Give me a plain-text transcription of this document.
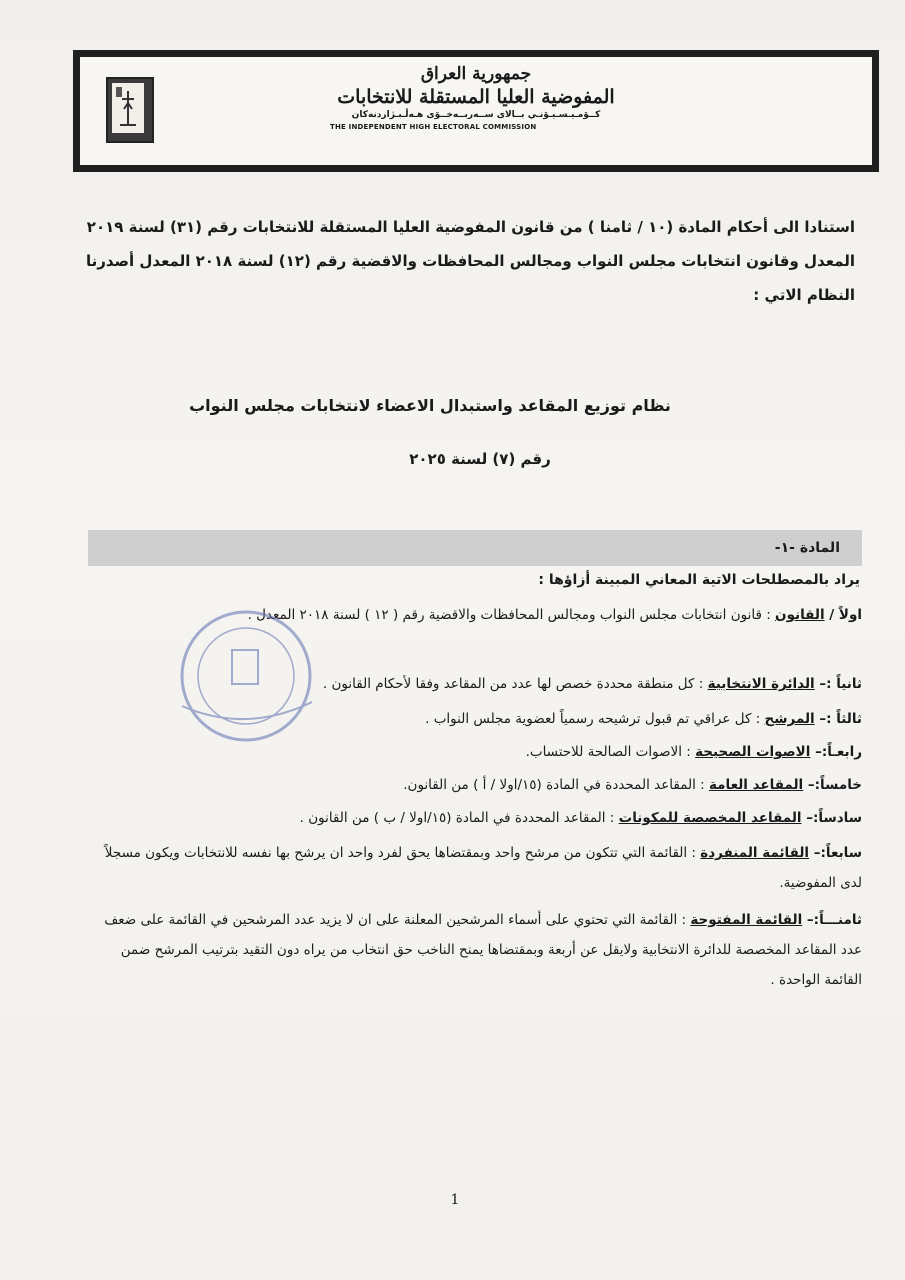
جمهورية العراق
المفوضية العليا المستقلة للانتخابات
كــۆمـيـسـيـۆنـي بــالاى ســەربــەخــۆى هـەڵـبـژاردنەكان
THE INDEPENDENT HIGH ELECTORAL COMMISSION
استنادا الى أحكام المادة (١٠ / ثامنا ) من قانون المفوضية العليا المستقلة للانتخابات رقم (٣١) لسنة ٢٠١٩ المعدل وقانون انتخابات مجلس النواب ومجالس المحافظات والاقضية رقم (١٢) لسنة ٢٠١٨ المعدل أصدرنا النظام الاتي :
نظام توزيع المقاعد واستبدال الاعضاء لانتخابات مجلس النواب
رقم (٧) لسنة ٢٠٢٥
المادة -١-
يراد بالمصطلحات الاتية المعاني المبينة أزاؤها :
اولاً / القانون : قانون انتخابات مجلس النواب ومجالس المحافظات والاقضية رقم ( ١٢ ) لسنة ٢٠١٨ المعدل .
ثانياً :– الدائرة الانتخابية : كل منطقة محددة خصص لها عدد من المقاعد وفقا لأحكام القانون .
ثالثاً :– المرشح : كل عراقي تم قبول ترشيحه رسمياً لعضوية مجلس النواب .
رابعـاً:– الاصوات الصحيحة : الاصوات الصالحة للاحتساب.
خامساً:– المقاعد العامة : المقاعد المحددة في المادة (١٥/اولا / أ ) من القانون.
سادساً:– المقاعد المخصصة للمكونات : المقاعد المحددة في المادة (١٥/اولا / ب ) من القانون .
سابعاً:– القائمة المنفردة : القائمة التي تتكون من مرشح واحد وبمقتضاها يحق لفرد واحد ان يرشح بها نفسه للانتخابات ويكون مسجلاً لدى المفوضية.
ثامنـــاً:– القائمة المفتوحة : القائمة التي تحتوي على أسماء المرشحين المعلنة على ان لا يزيد عدد المرشحين في القائمة على ضعف عدد المقاعد المخصصة للدائرة الانتخابية ولايقل عن أربعة وبمقتضاها يمنح الناخب حق انتخاب من يراه دون التقيد بترتيب المرشح ضمن القائمة الواحدة .
1
